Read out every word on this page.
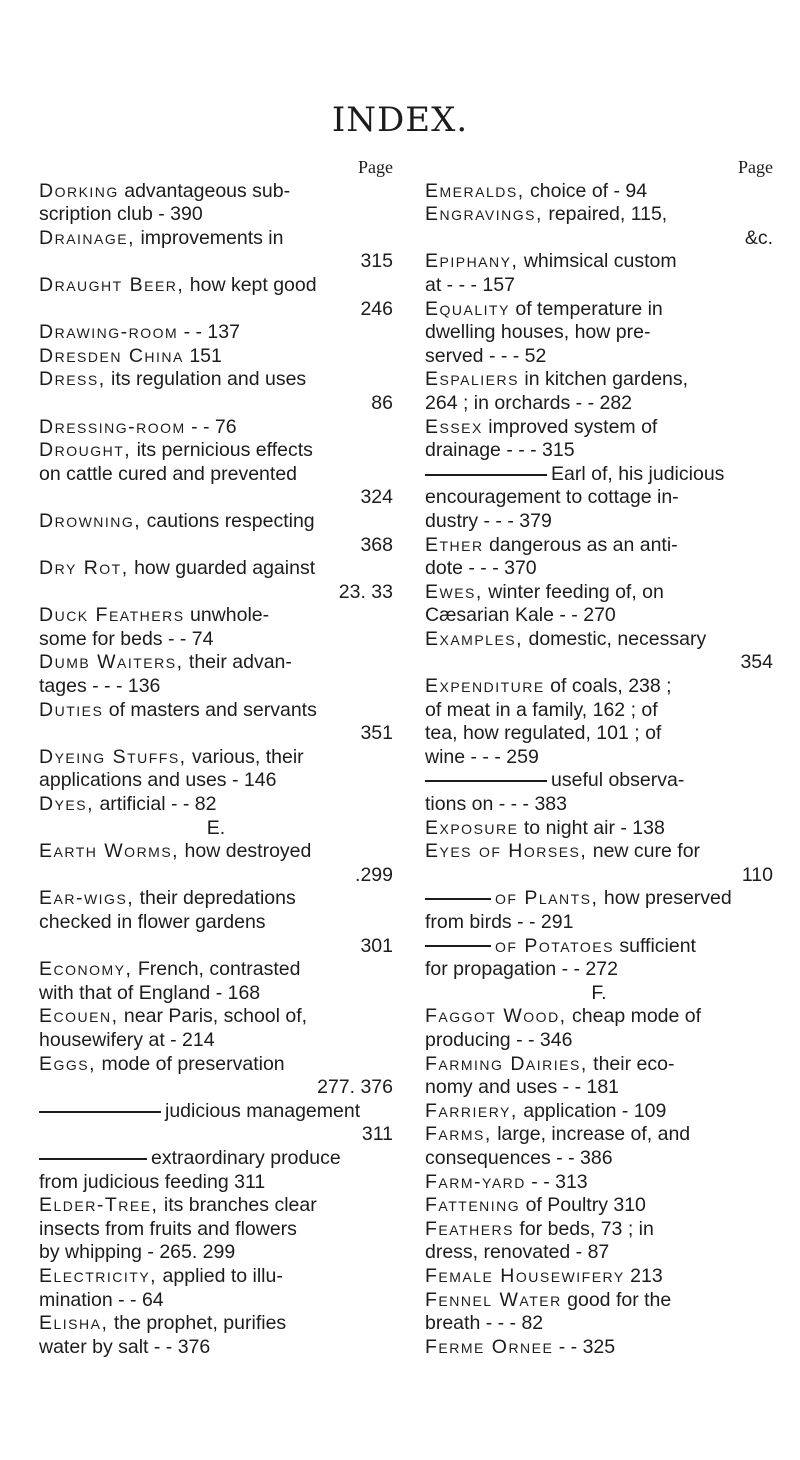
INDEX.
Page
Dorking advantageous sub-
scription club - 390
Drainage, improvements in
315
Draught Beer, how kept good
246
Drawing-room - - 137
Dresden China 151
Dress, its regulation and uses
86
Dressing-room - - 76
Drought, its pernicious effects
on cattle cured and prevented
324
Drowning, cautions respecting
368
Dry Rot, how guarded against
23. 33
Duck Feathers unwhole-
some for beds - - 74
Dumb Waiters, their advan-
tages - - - 136
Duties of masters and servants
351
Dyeing Stuffs, various, their
applications and uses - 146
Dyes, artificial - - 82
E.
Earth Worms, how destroyed
.299
Ear-wigs, their depredations
checked in flower gardens
301
Economy, French, contrasted
with that of England - 168
Ecouen, near Paris, school of,
housewifery at - 214
Eggs, mode of preservation
277. 376
judicious management
311
extraordinary produce
from judicious feeding 311
Elder-Tree, its branches clear
insects from fruits and flowers
by whipping - 265. 299
Electricity, applied to illu-
mination - - 64
Elisha, the prophet, purifies
water by salt - - 376
Page
Emeralds, choice of - 94
Engravings, repaired, 115,
&c.
Epiphany, whimsical custom
at - - - 157
Equality of temperature in
dwelling houses, how pre-
served - - - 52
Espaliers in kitchen gardens,
264 ; in orchards - - 282
Essex improved system of
drainage - - - 315
Earl of, his judicious
encouragement to cottage in-
dustry - - - 379
Ether dangerous as an anti-
dote - - - 370
Ewes, winter feeding of, on
Cæsarian Kale - - 270
Examples, domestic, necessary
354
Expenditure of coals, 238 ;
of meat in a family, 162 ; of
tea, how regulated, 101 ; of
wine - - - 259
useful observa-
tions on - - - 383
Exposure to night air - 138
Eyes of Horses, new cure for
110
of Plants, how preserved
from birds - - 291
of Potatoes sufficient
for propagation - - 272
F.
Faggot Wood, cheap mode of
producing - - 346
Farming Dairies, their eco-
nomy and uses - - 181
Farriery, application - 109
Farms, large, increase of, and
consequences - - 386
Farm-yard - - 313
Fattening of Poultry 310
Feathers for beds, 73 ; in
dress, renovated - 87
Female Housewifery 213
Fennel Water good for the
breath - - - 82
Ferme Ornee - - 325
